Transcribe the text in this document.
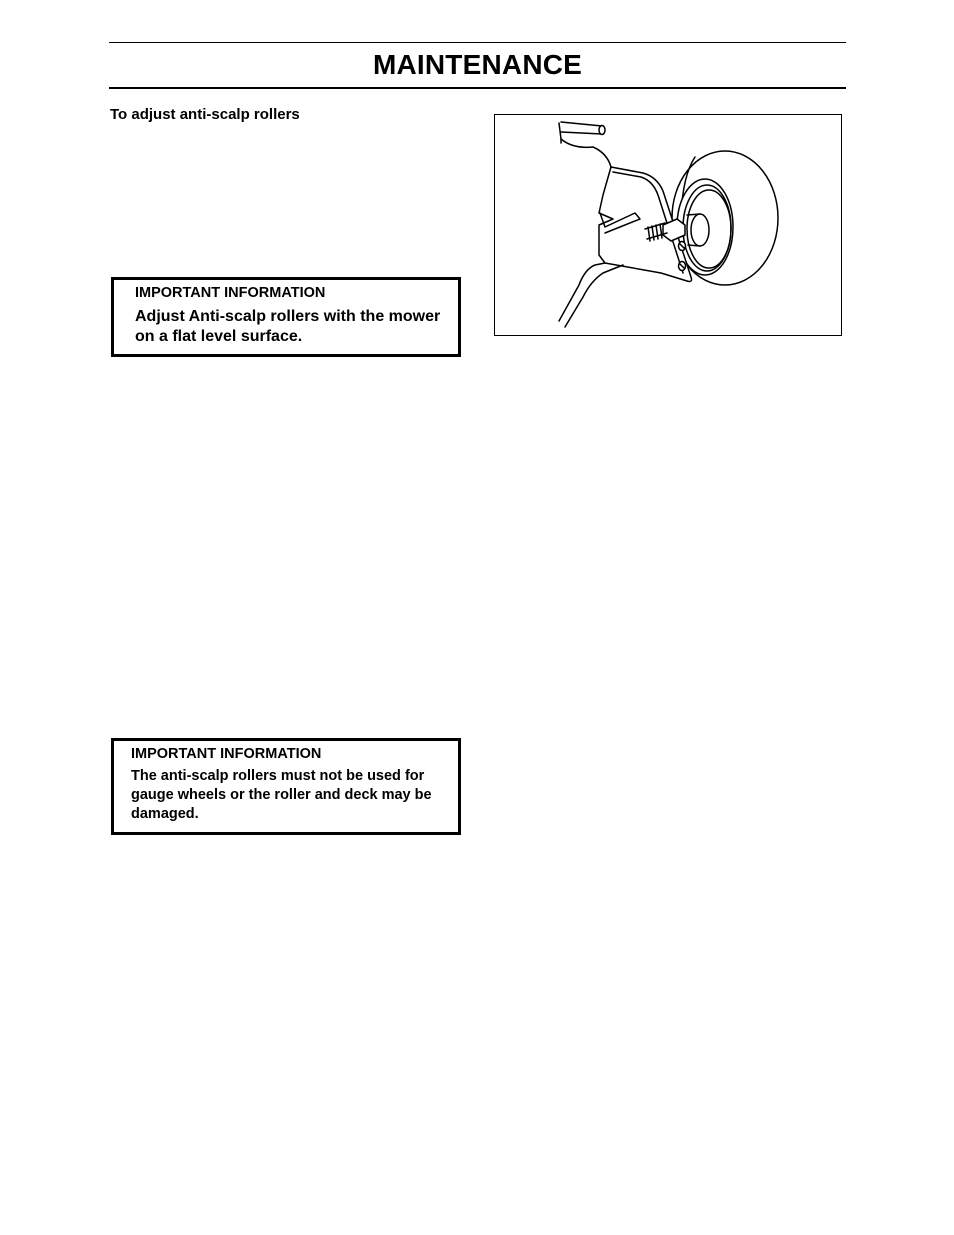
MAINTENANCE
To adjust anti-scalp rollers
IMPORTANT INFORMATION
Adjust Anti-scalp rollers with the mower on a flat level surface.
IMPORTANT INFORMATION
The anti-scalp rollers must not be used for gauge wheels or the roller and deck may be damaged.
